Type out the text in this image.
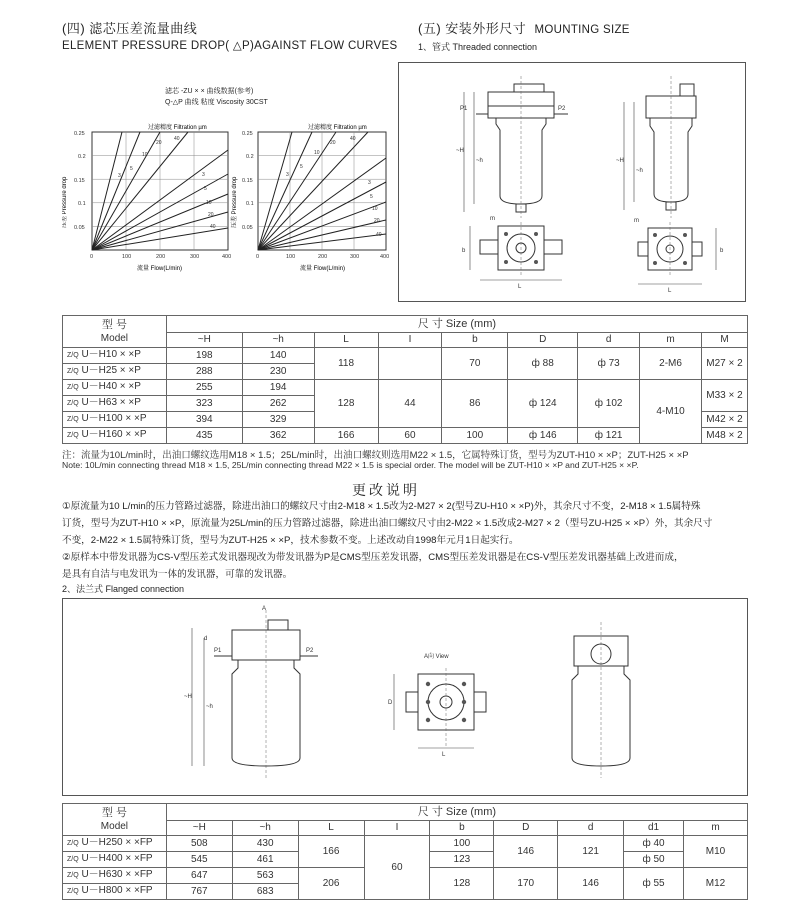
(四) 滤芯压差流量曲线
ELEMENT PRESSURE DROP( △P)AGAINST FLOW CURVES
(五) 安装外形尺寸 MOUNTING SIZE
1、管式 Threaded connection
滤芯 -ZU × × 曲线数据(参考)
Q-△P 曲线 粘度 Viscosity 30CST
过滤精度 Filtration µm
压差 Pressure drop
0.25
0.2
0.15
0.1
0.05
0	100	200	300	400
3
5
10
20
40
3
5
10
20
40
流量 Flow(L/min)
过滤精度 Filtration µm
压差 Pressure drop
0.25
0.2
0.15
0.1
0.05
0	100	200	300	400
3
5
10
20
40
3
5
10
20
40
流量 Flow(L/min)
P1	P2
~H
~h	~H
~h
L
L
m	m
b	b
型 号
Model	尺 寸 Size (mm)								
	~H	~h	L	I	b	D	d	m	M
Z/Q U－H10 × ×P	198	140	118		70	ф 88	ф 73	2-M6	M27 × 2
Z/Q U－H25 × ×P	288	230							
Z/Q U－H40 × ×P	255	194	128	44	86	ф 124	ф 102	4-M10	M33 × 2
Z/Q U－H63 × ×P	323	262							
Z/Q U－H100 × ×P	394	329							M42 × 2
Z/Q U－H160 × ×P	435	362	166	60	100	ф 146	ф 121		M48 × 2
注：流量为10L/min时，出油口螺纹选用M18 × 1.5；25L/min时，出油口螺纹则选用M22 × 1.5，它属特殊订货，型号为ZUT-H10 × ×P；ZUT-H25 × ×P
Note: 10L/min connecting thread M18 × 1.5, 25L/min connecting thread M22 × 1.5 is special order. The model will be ZUT-H10 × ×P and ZUT-H25 × ×P.
更改说明
①原流量为10 L/min的压力管路过滤器，除进出油口的螺纹尺寸由2-M18 × 1.5改为2-M27 × 2(型号ZU-H10 × ×P)外，其余尺寸不变，2-M18 × 1.5属特殊
订货，型号为ZUT-H10 × ×P，原流量为25L/min的压力管路过滤器，除进出油口螺纹尺寸由2-M22 × 1.5改成2-M27 × 2（型号ZU-H25 × ×P）外，其余尺寸
不变，2-M22 × 1.5属特殊订货，型号为ZUT-H25 × ×P，技术参数不变。上述改动自1998年元月1日起实行。
②原样本中带发讯器为CS-V型压差式发讯器现改为带发讯器为P是CMS型压差发讯器，CMS型压差发讯器是在CS-V型压差发讯器基础上改进而成，
是具有自洁与电发讯为一体的发讯器，可靠的发讯器。
2、法兰式 Flanged connection
P1	P2
A
~H
~h
d
A向 View
L
D
型 号
Model	尺 寸 Size (mm)								
	~H	~h	L	I	b	D	d	d1	m
Z/Q U－H250 × ×FP	508	430	166	60	100	146	121	ф 40	M10
Z/Q U－H400 × ×FP	545	461			123			ф 50	
Z/Q U－H630 × ×FP	647	563	206		128	170	146	ф 55	M12
Z/Q U－H800 × ×FP	767	683							
